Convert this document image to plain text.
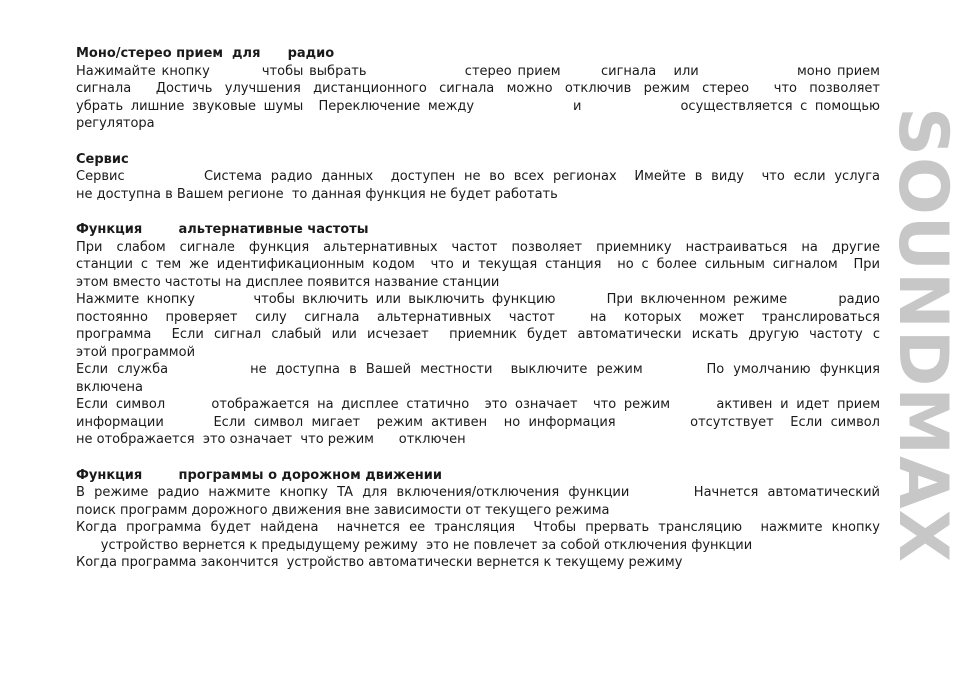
Моно/стерео прием  для      радио

Нажимайте кнопку         чтобы выбрать                 стерео прием       сигнала   или                 моно прием
сигнала  Достичь улучшения дистанционного сигнала можно отключив режим стерео  что позволяет
убрать лишние звуковые шумы  Переключение между             и             осуществляется с помощью
регулятора

Сервис

Сервис         Система радио данных  доступен не во всех регионах  Имейте в виду  что если услуга
не доступна в Вашем регионе  то данная функция не будет работать

Функция        альтернативные частоты

При слабом сигнале функция альтернативных частот позволяет приемнику настраиваться на другие
станции с тем же идентификационным кодом  что и текущая станция  но с более сильным сигналом  При
этом вместо частоты на дисплее появится название станции

Нажмите кнопку        чтобы включить или выключить функцию       При включенном режиме       радио
постоянно проверяет силу сигнала альтернативных частот  на которых может транслироваться
программа  Если сигнал слабый или исчезает  приемник будет автоматически искать другую частоту с
этой программой

Если служба         не доступна в Вашей местности  выключите режим       По умолчанию функция
включена

Если символ      отображается на дисплее статично  это означает  что режим      активен и идет прием
информации      Если символ мигает  режим активен  но информация         отсутствует  Если символ
не отображается  это означает  что режим      отключен

Функция        программы о дорожном движении

В режиме радио нажмите кнопку TA для включения/отключения функции       Начнется автоматический
поиск программ дорожного движения вне зависимости от текущего режима

Когда программа будет найдена  начнется ее трансляция  Чтобы прервать трансляцию  нажмите кнопку
устройство вернется к предыдущему режиму  это не повлечет за собой отключения функции

Когда программа закончится  устройство автоматически вернется к текущему режиму	SOUNDMAX
